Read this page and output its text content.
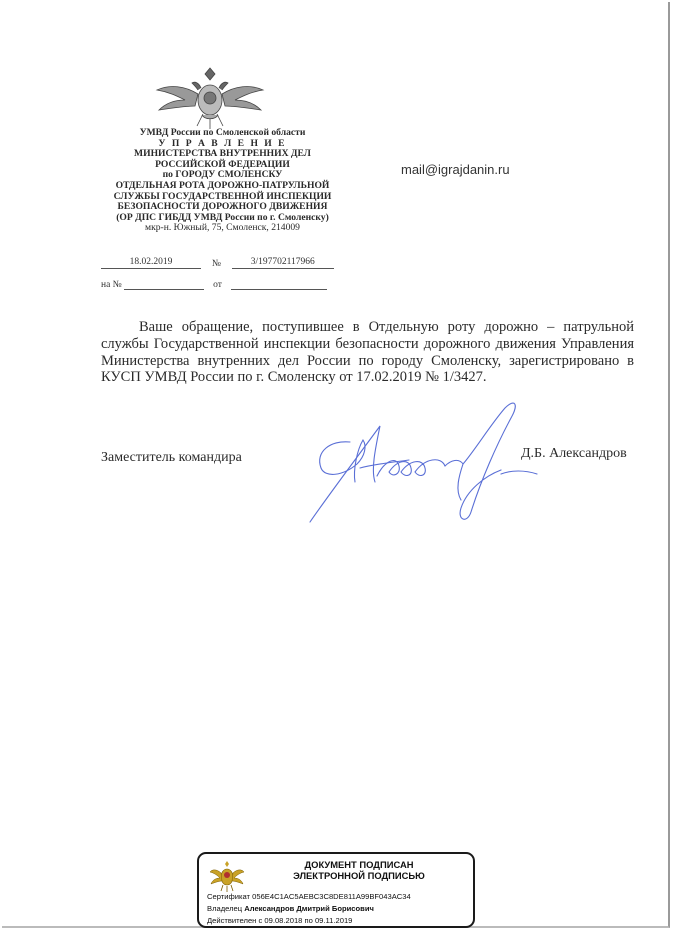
УМВД России по Смоленской области
У П Р А В Л Е Н И Е
МИНИСТЕРСТВА ВНУТРЕННИХ ДЕЛ
РОССИЙСКОЙ ФЕДЕРАЦИИ
по ГОРОДУ СМОЛЕНСКУ
ОТДЕЛЬНАЯ РОТА ДОРОЖНО-ПАТРУЛЬНОЙ
СЛУЖБЫ ГОСУДАРСТВЕННОЙ ИНСПЕКЦИИ
БЕЗОПАСНОСТИ ДОРОЖНОГО ДВИЖЕНИЯ
(ОР ДПС ГИБДД УМВД России по г. Смоленску)
мкр-н. Южный, 75, Смоленск, 214009
mail@igrajdanin.ru
18.02.2019	№	3/197702117966
на №	от
Ваше обращение, поступившее в Отдельную роту дорожно – патрульной службы Государственной инспекции безопасности дорожного движения Управления Министерства внутренних дел России по городу Смоленску, зарегистрировано в КУСП УМВД России по г. Смоленску от 17.02.2019 № 1/3427.
Заместитель командира	Д.Б. Александров
ДОКУМЕНТ ПОДПИСАН
ЭЛЕКТРОННОЙ ПОДПИСЬЮ
Сертификат 056E4C1AC5AEBC3C8DE811A99BF043AC34
Владелец Александров Дмитрий Борисович
Действителен с 09.08.2018 по 09.11.2019
